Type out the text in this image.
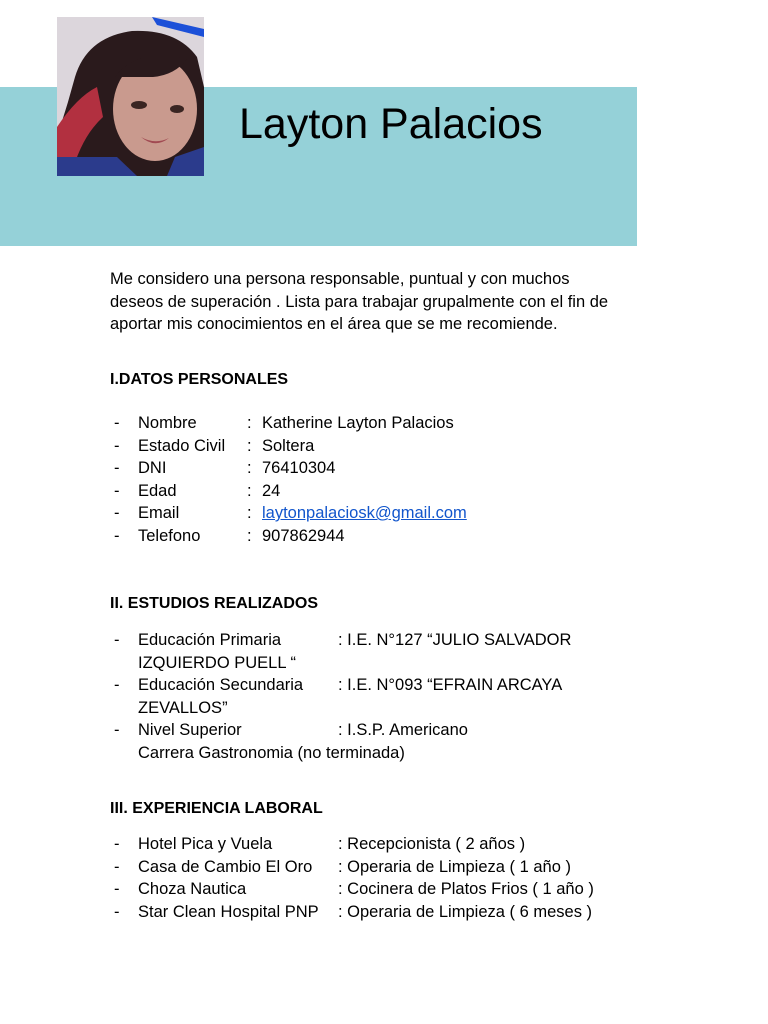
Layton Palacios
Me considero una persona responsable, puntual y con muchos
deseos de superación . Lista para trabajar grupalmente con el fin de
aportar mis conocimientos en el área que se me recomiende.
I.DATOS PERSONALES
- Nombre	: Katherine Layton Palacios
- Estado Civil : Soltera
- DNI	: 76410304
- Edad	: 24
- Email	: laytonpalaciosk@gmail.com
- Telefono	: 907862944
II. ESTUDIOS REALIZADOS
- Educación Primaria	: I.E. N°127 “JULIO SALVADOR
IZQUIERDO PUELL “
- Educación Secundaria : I.E. N°093 “EFRAIN ARCAYA
ZEVALLOS”
- Nivel Superior	: I.S.P. Americano
Carrera Gastronomia (no terminada)
III. EXPERIENCIA LABORAL
- Hotel Pica y Vuela	: Recepcionista ( 2 años )
- Casa de Cambio El Oro : Operaria de Limpieza ( 1 año )
- Choza Nautica	: Cocinera de Platos Frios ( 1 año )
- Star Clean Hospital PNP : Operaria de Limpieza ( 6 meses )
